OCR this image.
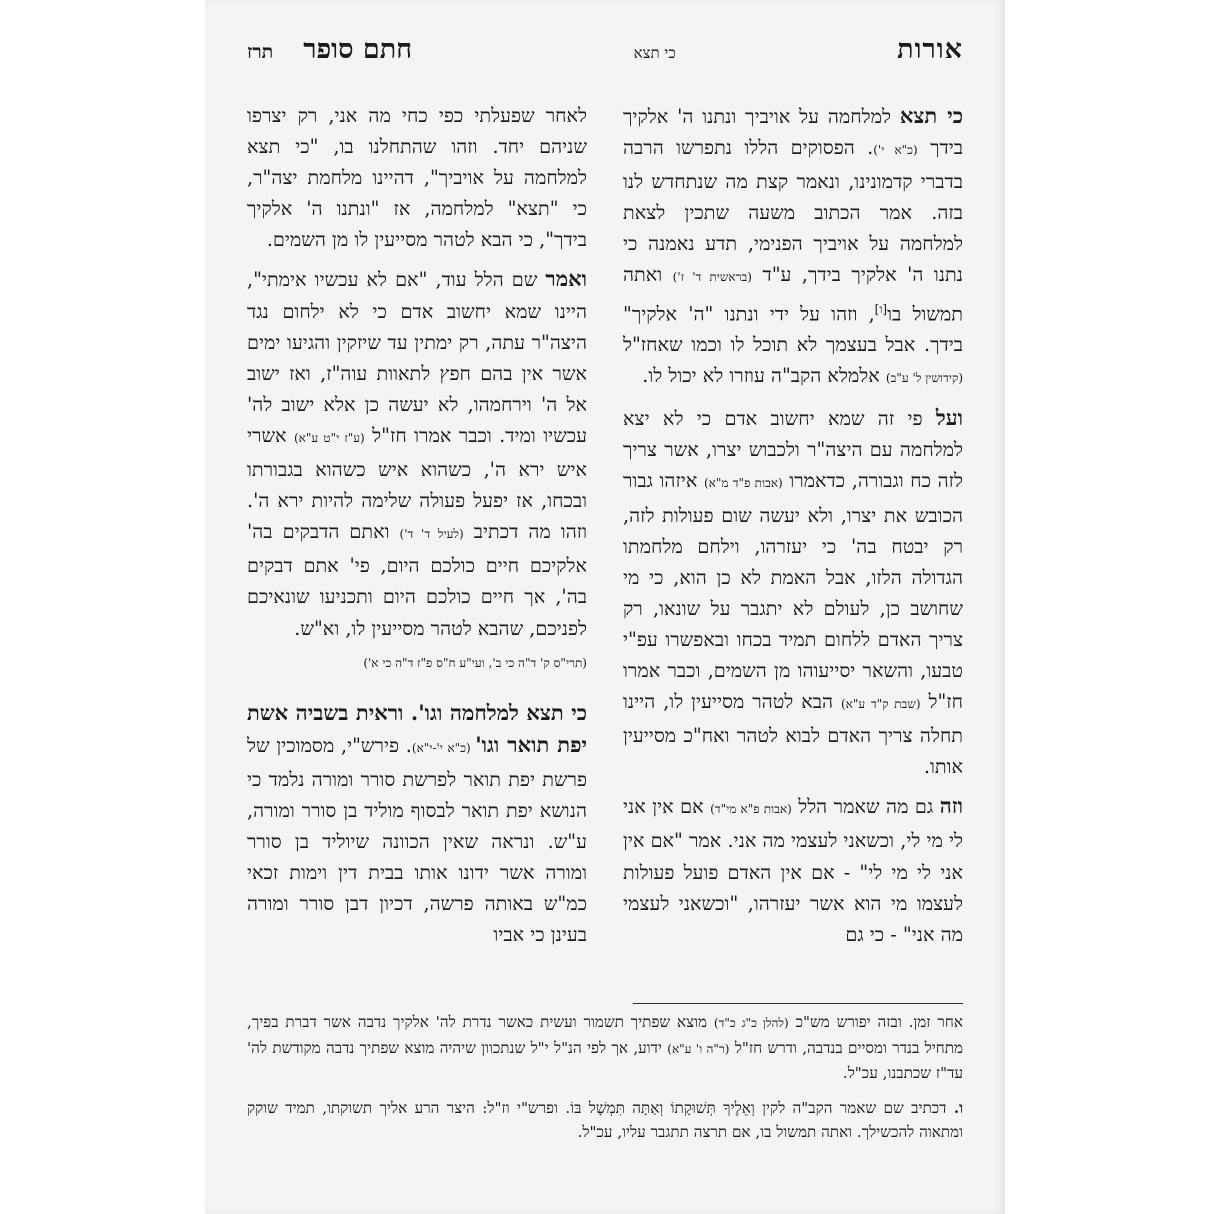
אורות
כי תצא
חתם סופר
תרז

כי תצא למלחמה על אויביך ונתנו ה' אלקיך בידך (כ"א י'). הפסוקים הללו נתפרשו הרבה בדברי קדמונינו, ונאמר קצת מה שנתחדש לנו בזה. אמר הכתוב משעה שתכין לצאת למלחמה על אויביך הפנימי, תדע נאמנה כי נתנו ה' אלקיך בידך, ע"ד (בראשית ד' ז') ואתה תמשול בו[ו], וזהו על ידי ונתנו "ה' אלקיך" בידך. אבל בעצמך לא תוכל לו וכמו שאחז"ל (קידושין ל' ע"ב) אלמלא הקב"ה עוזרו לא יכול לו.

ועל פי זה שמא יחשוב אדם כי לא יצא למלחמה עם היצה"ר ולכבוש יצרו, אשר צריך לזה כח וגבורה, כדאמרו (אבות פ"ד מ"א) איזהו גבור הכובש את יצרו, ולא יעשה שום פעולות לזה, רק יבטח בה' כי יעזרהו, וילחם מלחמתו הגדולה הלזו, אבל האמת לא כן הוא, כי מי שחושב כן, לעולם לא יתגבר על שונאו, רק צריך האדם ללחום תמיד בכחו ובאפשרו עפ"י טבעו, והשאר יסייעוהו מן השמים, וכבר אמרו חז"ל (שבת ק"ד ע"א) הבא לטהר מסייעין לו, היינו תחלה צריך האדם לבוא לטהר ואח"כ מסייעין אותו.

וזה גם מה שאמר הלל (אבות פ"א מי"ד) אם אין אני לי מי לי, וכשאני לעצמי מה אני. אמר "אם אין אני לי מי לי" - אם אין האדם פועל פעולות לעצמו מי הוא אשר יעזרהו, "וכשאני לעצמי מה אני" - כי גם

לאחר שפעלתי כפי כחי מה אני, רק יצרפו שניהם יחד. וזהו שהתחלנו בו, "כי תצא למלחמה על אויביך", דהיינו מלחמת יצה"ר, כי "תצא" למלחמה, אז "ונתנו ה' אלקיך בידך", כי הבא לטהר מסייעין לו מן השמים.

ואמר שם הלל עוד, "אם לא עכשיו אימתי", היינו שמא יחשוב אדם כי לא ילחום נגד היצה"ר עתה, רק ימתין עד שיזקין והגיעו ימים אשר אין בהם חפץ לתאוות עוה"ז, ואז ישוב אל ה' וירחמהו, לא יעשה כן אלא ישוב לה' עכשיו ומיד. וכבר אמרו חז"ל (ע"ז י"ט ע"א) אשרי איש ירא ה', כשהוא איש כשהוא בגבורתו ובכחו, אז יפעל פעולה שלימה להיות ירא ה'. וזהו מה דכתיב (לעיל ד' ד') ואתם הדבקים בה' אלקיכם חיים כולכם היום, פי' אתם דבקים בה', אך חיים כולכם היום ותכניעו שונאיכם לפניכם, שהבא לטהר מסייעין לו, וא"ש.

(תרי"ס ק' ד"ה כי ב', ועי"ע ח"ס פ"ז ד"ה כי א')

כי תצא למלחמה וגו'. וראית בשביה אשת יפת תואר וגו' (כ"א י'-י"א). פירש"י, מסמוכין של פרשת יפת תואר לפרשת סורר ומורה נלמד כי הנושא יפת תואר לבסוף מוליד בן סורר ומורה, ע"ש. ונראה שאין הכוונה שיוליד בן סורר ומורה אשר ידונו אותו בבית דין וימות זכאי כמ"ש באותה פרשה, דכיון דבן סורר ומורה בעינן כי אביו

אחר זמן. ובזה יפורש מש"כ (להלן כ"ג כ"ד) מוצא שפתיך תשמור ועשית כאשר נדרת לה' אלקיך נדבה אשר דברת בפיך, מתחיל בנדר ומסיים בנדבה, ודרש חז"ל (ר"ה ו' ע"א) ידוע, אך לפי הנ"ל י"ל שנתכוון שיהיה מוצא שפתיך נדבה מקודשת לה' עד"ז שכתבנו, עכ"ל.

ו. דכתיב שם שאמר הקב"ה לקין וְאֵלֶיךָ תְּשׁוּקָתוֹ וְאַתָּה תִּמְשָׁל בּוֹ. ופרש"י וז"ל: היצר הרע אליך תשוקתו, תמיד שוקק ומתאוה להכשילך. ואתה תמשול בו, אם תרצה תתגבר עליו, עכ"ל.
